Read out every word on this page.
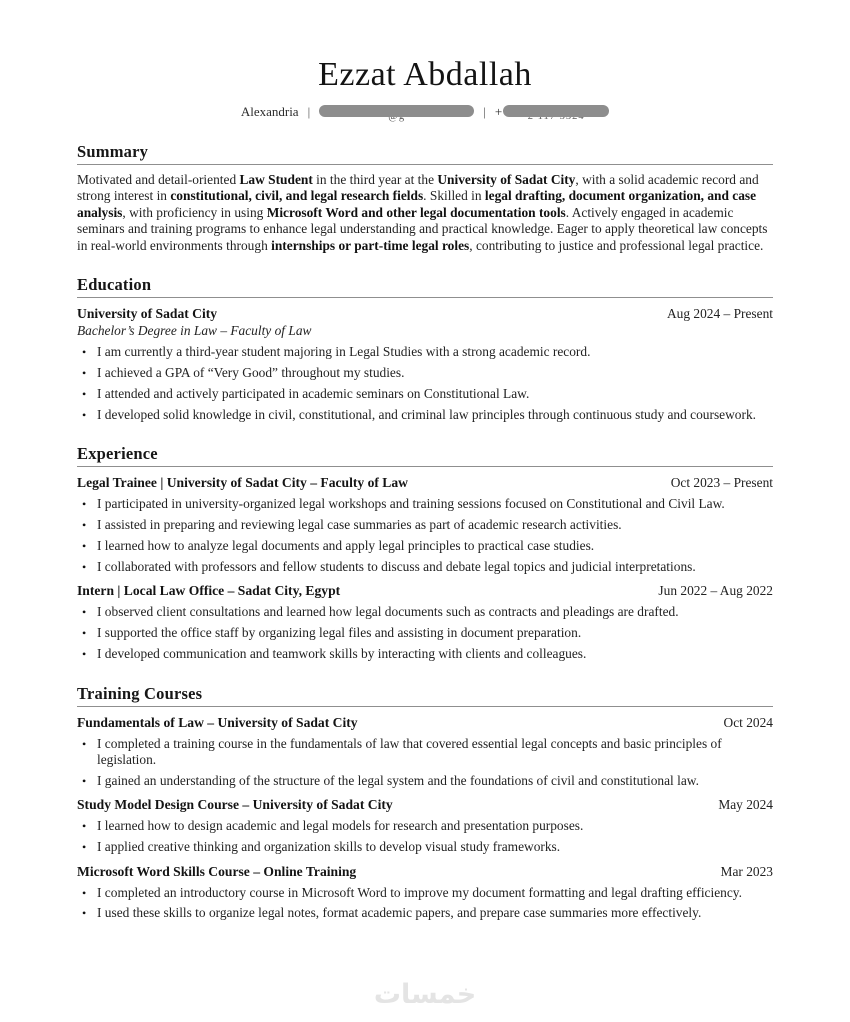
Ezzat Abdallah
Alexandria |	| +
Summary

Motivated and detail-oriented Law Student in the third year at the University of Sadat City, with a solid academic record and strong interest in constitutional, civil, and legal research fields. Skilled in legal drafting, document organization, and case analysis, with proficiency in using Microsoft Word and other legal documentation tools. Actively engaged in academic seminars and training programs to enhance legal understanding and practical knowledge. Eager to apply theoretical law concepts in real-world environments through internships or part-time legal roles, contributing to justice and professional legal practice.

Education
University of Sadat City	Aug 2024 – Present
Bachelor’s Degree in Law – Faculty of Law
• I am currently a third-year student majoring in Legal Studies with a strong academic record.
• I achieved a GPA of “Very Good” throughout my studies.
• I attended and actively participated in academic seminars on Constitutional Law.
• I developed solid knowledge in civil, constitutional, and criminal law principles through continuous study and coursework.
Experience
Legal Trainee | University of Sadat City – Faculty of Law	Oct 2023 – Present
• I participated in university-organized legal workshops and training sessions focused on Constitutional and Civil Law.
• I assisted in preparing and reviewing legal case summaries as part of academic research activities.
• I learned how to analyze legal documents and apply legal principles to practical case studies.
• I collaborated with professors and fellow students to discuss and debate legal topics and judicial interpretations.
Intern | Local Law Office – Sadat City, Egypt	Jun 2022 – Aug 2022
• I observed client consultations and learned how legal documents such as contracts and pleadings are drafted.
• I supported the office staff by organizing legal files and assisting in document preparation.
• I developed communication and teamwork skills by interacting with clients and colleagues.
Training Courses
Fundamentals of Law – University of Sadat City	Oct 2024
• I completed a training course in the fundamentals of law that covered essential legal concepts and basic principles of legislation.
• I gained an understanding of the structure of the legal system and the foundations of civil and constitutional law.
Study Model Design Course – University of Sadat City	May 2024
• I learned how to design academic and legal models for research and presentation purposes.
• I applied creative thinking and organization skills to develop visual study frameworks.
Microsoft Word Skills Course – Online Training	Mar 2023
• I completed an introductory course in Microsoft Word to improve my document formatting and legal drafting efficiency.
• I used these skills to organize legal notes, format academic papers, and prepare case summaries more effectively.
خمسات
